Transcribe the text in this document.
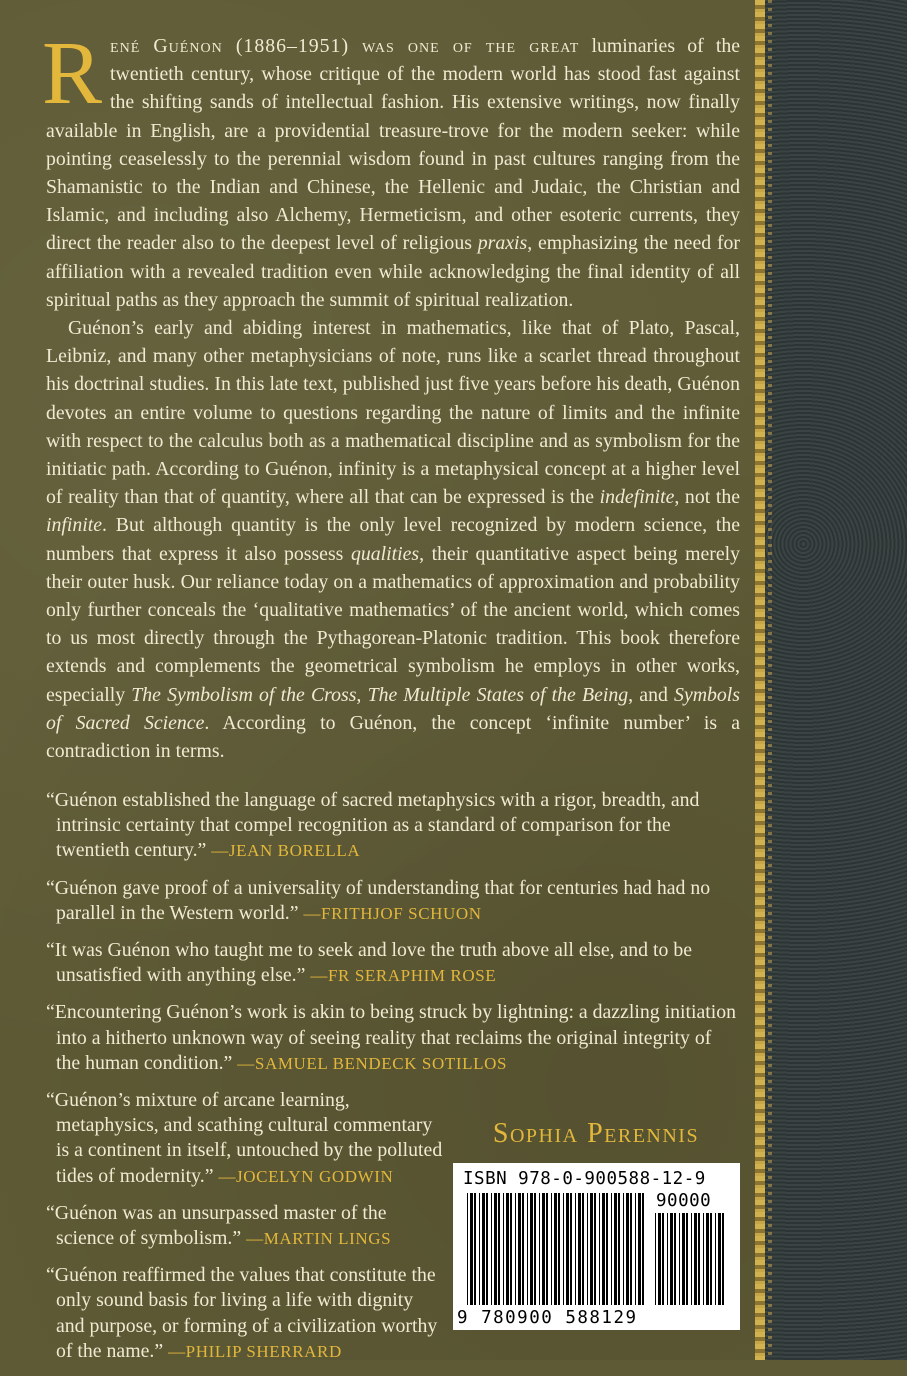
René Guénon (1886–1951) was one of the great luminaries of the twentieth century, whose critique of the modern world has stood fast against the shifting sands of intellectual fashion. His extensive writings, now finally available in English, are a providential treasure-trove for the modern seeker: while pointing ceaselessly to the perennial wisdom found in past cultures ranging from the Shamanistic to the Indian and Chinese, the Hellenic and Judaic, the Christian and Islamic, and including also Alchemy, Hermeticism, and other esoteric currents, they direct the reader also to the deepest level of religious praxis, emphasizing the need for affiliation with a revealed tradition even while acknowledging the final identity of all spiritual paths as they approach the summit of spiritual realization.

Guénon’s early and abiding interest in mathematics, like that of Plato, Pascal, Leibniz, and many other metaphysicians of note, runs like a scarlet thread throughout his doctrinal studies. In this late text, published just five years before his death, Guénon devotes an entire volume to questions regarding the nature of limits and the infinite with respect to the calculus both as a mathematical discipline and as symbolism for the initiatic path. According to Guénon, infinity is a metaphysical concept at a higher level of reality than that of quantity, where all that can be expressed is the indefinite, not the infinite. But although quantity is the only level recognized by modern science, the numbers that express it also possess qualities, their quantitative aspect being merely their outer husk. Our reliance today on a mathematics of approximation and probability only further conceals the ‘qualitative mathematics’ of the ancient world, which comes to us most directly through the Pythagorean-Platonic tradition. This book therefore extends and complements the geometrical symbolism he employs in other works, especially The Symbolism of the Cross, The Multiple States of the Being, and Symbols of Sacred Science. According to Guénon, the concept ‘infinite number’ is a contradiction in terms.

“Guénon established the language of sacred metaphysics with a rigor, breadth, and intrinsic certainty that compel recognition as a standard of comparison for the twentieth century.” —JEAN BORELLA

“Guénon gave proof of a universality of understanding that for centuries had had no parallel in the Western world.” —FRITHJOF SCHUON

“It was Guénon who taught me to seek and love the truth above all else, and to be unsatisfied with anything else.” —FR SERAPHIM ROSE

“Encountering Guénon’s work is akin to being struck by lightning: a dazzling initiation into a hitherto unknown way of seeing reality that reclaims the original integrity of the human condition.” —SAMUEL BENDECK SOTILLOS

“Guénon’s mixture of arcane learning, metaphysics, and scathing cultural commentary is a continent in itself, untouched by the polluted tides of modernity.” —JOCELYN GODWIN

“Guénon was an unsurpassed master of the science of symbolism.” —MARTIN LINGS

“Guénon reaffirmed the values that constitute the only sound basis for living a life with dignity and purpose, or forming of a civilization worthy of the name.” —PHILIP SHERRARD

Sophia Perennis
ISBN 978-0-900588-12-9
90000
9 780900 588129
